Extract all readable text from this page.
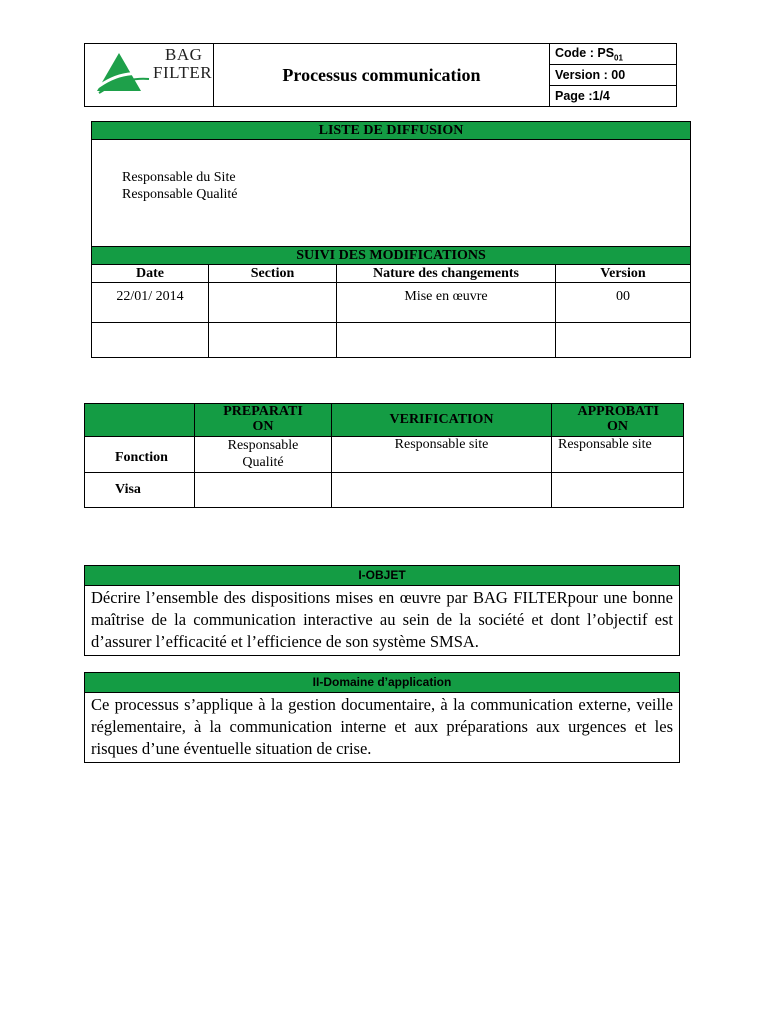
BAG
FILTER	Processus communication	Code : $PS_{01}$
Version : 00
Page :1/4
LISTE DE DIFFUSION			

Responsable du Site
Responsable Qualité			

SUIVI DES MODIFICATIONS			
Date	Section	Nature des changements	Version
22/01/ 2014		Mise en œuvre	00

	PREPARATI ON	VERIFICATION	APPROBATI ON

Fonction	Responsable Qualité	Responsable site	Responsable site
Visa			
I-OBJET
Décrire l’ensemble des dispositions mises en œuvre par BAG FILTERpour une bonne maîtrise de la communication interactive au sein de la société et dont l’objectif est d’assurer l’efficacité et l’efficience de son système SMSA.
II-Domaine d’application
Ce processus s’applique à la gestion documentaire, à la communication externe, veille réglementaire, à la communication interne et aux préparations aux urgences et les risques d’une éventuelle situation de crise.
